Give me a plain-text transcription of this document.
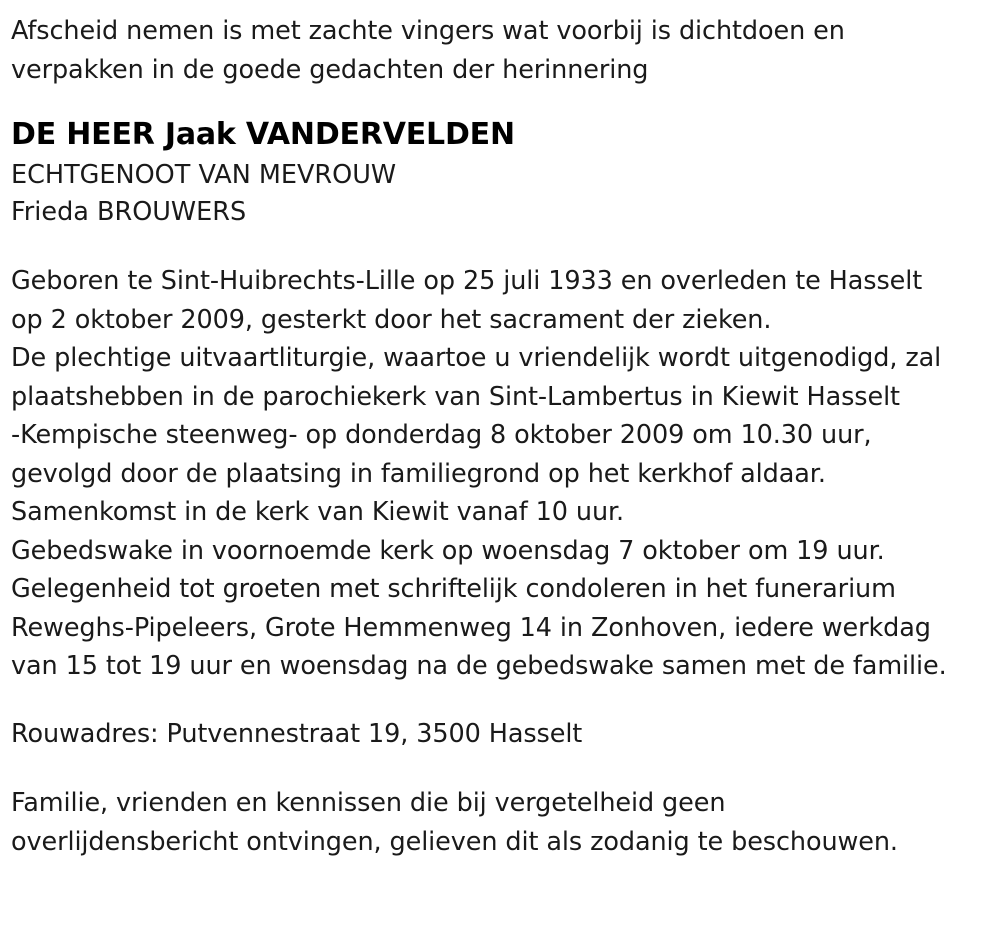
Afscheid nemen is met zachte vingers wat voorbij is dichtdoen en
verpakken in de goede gedachten der herinnering
DE HEER Jaak VANDERVELDEN
ECHTGENOOT VAN MEVROUW
Frieda BROUWERS
Geboren te Sint-Huibrechts-Lille op 25 juli 1933 en overleden te Hasselt
op 2 oktober 2009, gesterkt door het sacrament der zieken.
De plechtige uitvaartliturgie, waartoe u vriendelijk wordt uitgenodigd, zal
plaatshebben in de parochiekerk van Sint-Lambertus in Kiewit Hasselt
-Kempische steenweg- op donderdag 8 oktober 2009 om 10.30 uur,
gevolgd door de plaatsing in familiegrond op het kerkhof aldaar.
Samenkomst in de kerk van Kiewit vanaf 10 uur.
Gebedswake in voornoemde kerk op woensdag 7 oktober om 19 uur.
Gelegenheid tot groeten met schriftelijk condoleren in het funerarium
Reweghs-Pipeleers, Grote Hemmenweg 14 in Zonhoven, iedere werkdag
van 15 tot 19 uur en woensdag na de gebedswake samen met de familie.
Rouwadres: Putvennestraat 19, 3500 Hasselt
Familie, vrienden en kennissen die bij vergetelheid geen
overlijdensbericht ontvingen, gelieven dit als zodanig te beschouwen.
